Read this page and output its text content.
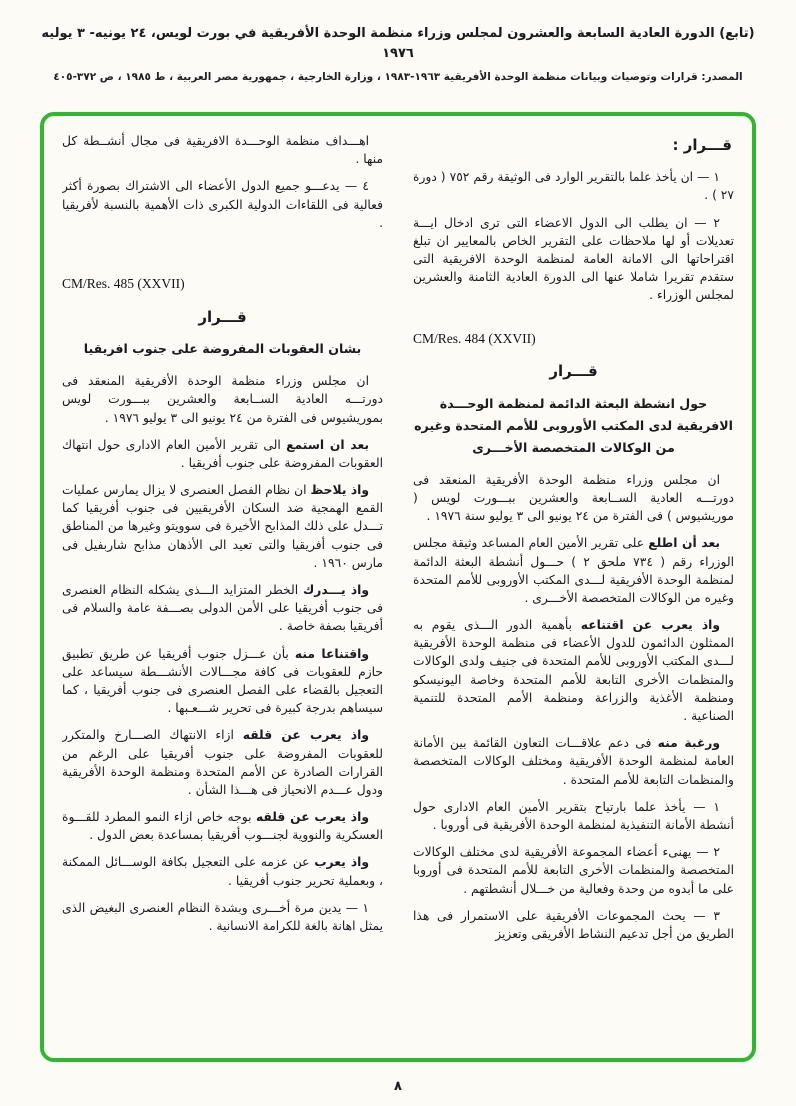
(تابع) الدورة العادية السابعة والعشرون لمجلس وزراء منظمة الوحدة الأفريقية في بورت لويس، ٢٤ يونيه- ٣ يوليه ١٩٧٦
المصدر: قرارات وتوصيات وبيانات منظمة الوحدة الأفريقية ١٩٦٣-١٩٨٣ ، وزارة الخارجية ، جمهورية مصر العربية ، ط ١٩٨٥ ، ص ٣٧٢-٤٠٥
قـــرار :
١ — ان يأخذ علما بالتقرير الوارد فى الوثيقة رقم ٧٥٢ ( دورة ٢٧ ) .
٢ — ان يطلب الى الدول الاعضاء التى ترى ادخال ايـــة تعديلات أو لها ملاحظات على التقرير الخاص بالمعايير ان تبلغ اقتراحاتها الى الامانة العامة لمنظمة الوحدة الافريقية التى ستقدم تقريرا شاملا عنها الى الدورة العادية الثامنة والعشرين لمجلس الوزراء .
CM/Res. 484 (XXVII)
قـــرار
حول انشطة البعثة الدائمة لمنظمة الوحـــدة الافريقية لدى المكتب الأوروبى للأمم المتحدة وغيره من الوكالات المتخصصة الأخـــرى
ان مجلس وزراء منظمة الوحدة الأفريقية المنعقد فى دورتـــه العادية الســابعة والعشرين ببـــورت لويس ( موريشيوس ) فى الفترة من ٢٤ يونيو الى ٣ يوليو سنة ١٩٧٦ .
بعد أن اطلع على تقرير الأمين العام المساعد وثيقة مجلس الوزراء رقم ( ٧٣٤ ملحق ٢ ) حـــول أنشطة البعثة الدائمة لمنظمة الوحدة الأفريقية لـــدى المكتب الأوروبى للأمم المتحدة وغيره من الوكالات المتخصصة الأخـــرى .
واذ يعرب عن اقتناعه بأهمية الدور الـــذى يقوم به الممثلون الدائمون للدول الأعضاء فى منظمة الوحدة الأفريقية لـــدى المكتب الأوروبى للأمم المتحدة فى جنيف ولدى الوكالات والمنظمات الأخرى التابعة للأمم المتحدة وخاصة اليونيسكو ومنظمة الأغذية والزراعة ومنظمة الأمم المتحدة للتنمية الصناعية .
ورغبة منه فى دعم علاقـــات التعاون القائمة بين الأمانة العامة لمنظمة الوحدة الأفريقية ومختلف الوكالات المتخصصة والمنظمات التابعة للأمم المتحدة .
١ — يأخذ علما بارتياح بتقرير الأمين العام الادارى حول أنشطة الأمانة التنفيذية لمنظمة الوحدة الأفريقية فى أوروبا .
٢ — يهنىء أعضاء المجموعة الأفريقية لدى مختلف الوكالات المتخصصة والمنظمات الأخرى التابعة للأمم المتحدة فى أوروبا على ما أبدوه من وحدة وفعالية من خـــلال أنشطتهم .
٣ — يحث المجموعات الأفريقية على الاستمرار فى هذا الطريق من أجل تدعيم النشاط الأفريقى وتعزيز
اهـــداف منظمة الوحـــدة الافريقية فى مجال أنشــطة كل منها .
٤ — يدعـــو جميع الدول الأعضاء الى الاشتراك بصورة أكثر فعالية فى اللقاءات الدولية الكبرى ذات الأهمية بالنسبة لأفريقيا .
CM/Res. 485 (XXVII)
قـــرار
بشان العقوبات المفروضة على جنوب افريقيا
ان مجلس وزراء منظمة الوحدة الأفريقية المنعقد فى دورتـــه العادية الســابعة والعشرين ببـــورت لويس بموريشيوس فى الفترة من ٢٤ يونيو الى ٣ يوليو ١٩٧٦ .
بعد ان استمع الى تقرير الأمين العام الادارى حول انتهاك العقوبات المفروضة على جنوب أفريقيا .
واذ يلاحظ ان نظام الفصل العنصرى لا يزال يمارس عمليات القمع الهمجية ضد السكان الأفريقيين فى جنوب أفريقيا كما تـــدل على ذلك المذابح الأخيرة فى سوويتو وغيرها من المناطق فى جنوب أفريقيا والتى تعيد الى الأذهان مذابح شاربفيل فى مارس ١٩٦٠ .
واذ يـــدرك الخطر المتزايد الـــذى يشكله النظام العنصرى فى جنوب أفريقيا على الأمن الدولى بصـــفة عامة والسلام فى أفريقيا بصفة خاصة .
واقتناعا منه بأن عـــزل جنوب أفريقيا عن طريق تطبيق حازم للعقوبات فى كافة مجـــالات الأنشـــطة سيساعد على التعجيل بالقضاء على الفصل العنصرى فى جنوب أفريقيا ، كما سيساهم بدرجة كبيرة فى تحرير شـــعـبها .
واذ يعرب عن قلقه ازاء الانتهاك الصـــارخ والمتكرر للعقوبات المفروضة على جنوب أفريقيا على الرغم من القرارات الصادرة عن الأمم المتحدة ومنظمة الوحدة الأفريقية ودول عـــدم الانحياز فى هـــذا الشأن .
واذ يعرب عن قلقه بوجه خاص ازاء النمو المطرد للقـــوة العسكرية والنووية لجنـــوب أفريقيا بمساعدة بعض الدول .
واذ يعرب عن عزمه على التعجيل بكافة الوســـائل الممكنة ، وبعملية تحرير جنوب أفريقيا .
١ — يدين مرة أخـــرى وبشدة النظام العنصرى البغيض الذى يمثل اهانة بالغة للكرامة الانسانية .
٨
